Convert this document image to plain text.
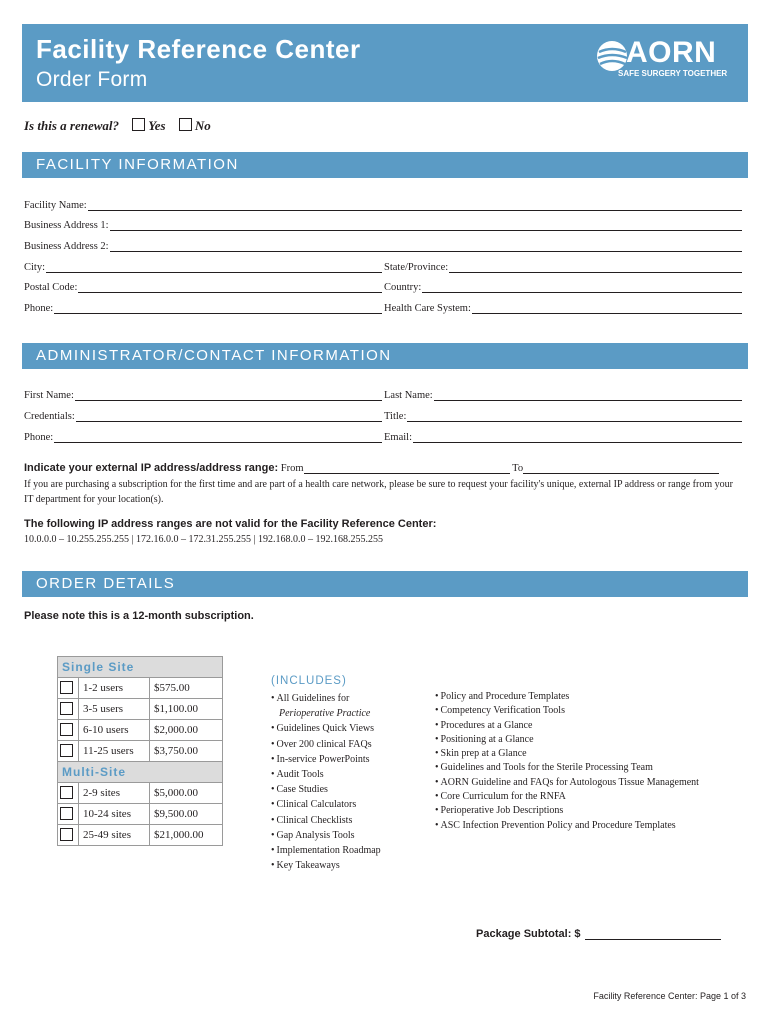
Facility Reference Center
Order Form
AORN
SAFE SURGERY TOGETHER
Is this a renewal? Yes No
FACILITY INFORMATION
Facility Name:
Business Address 1:
Business Address 2:
City:	State/Province:
Postal Code:	Country:
Phone:	Health Care System:
ADMINISTRATOR/CONTACT INFORMATION
First Name:	Last Name:
Credentials:	Title:
Phone:	Email:
Indicate your external IP address/address range: From	To
If you are purchasing a subscription for the first time and are part of a health care network, please be sure to request your facility's unique, external IP address or range from your IT department for your location(s).
The following IP address ranges are not valid for the Facility Reference Center:
10.0.0.0 – 10.255.255.255 | 172.16.0.0 – 172.31.255.255 | 192.168.0.0 – 192.168.255.255
ORDER DETAILS
Please note this is a 12-month subscription.
Single Site		
	1-2 users	$575.00
	3-5 users	$1,100.00
	6-10 users	$2,000.00
	11-25 users	$3,750.00
Multi-Site		
	2-9 sites	$5,000.00
	10-24 sites	$9,500.00
	25-49 sites	$21,000.00
(INCLUDES)
• All Guidelines for
Perioperative Practice
• Guidelines Quick Views
• Over 200 clinical FAQs
• In-service PowerPoints
• Audit Tools
• Case Studies
• Clinical Calculators
• Clinical Checklists
• Gap Analysis Tools
• Implementation Roadmap
• Key Takeaways
• Policy and Procedure Templates
• Competency Verification Tools
• Procedures at a Glance
• Positioning at a Glance
• Skin prep at a Glance
• Guidelines and Tools for the Sterile Processing Team
• AORN Guideline and FAQs for Autologous Tissue Management
• Core Curriculum for the RNFA
• Perioperative Job Descriptions
• ASC Infection Prevention Policy and Procedure Templates
Package Subtotal: $
Facility Reference Center: Page 1 of 3
